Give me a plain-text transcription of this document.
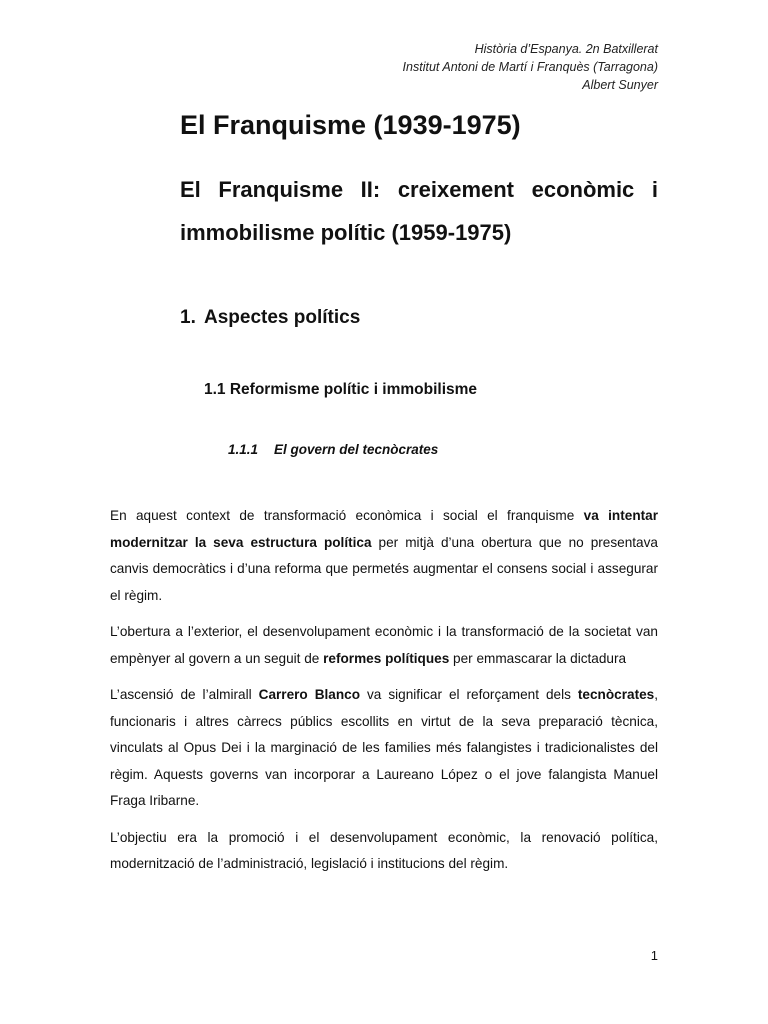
Història d’Espanya. 2n Batxillerat
Institut Antoni de Martí i Franquès (Tarragona)
Albert Sunyer
El Franquisme (1939-1975)
El Franquisme II: creixement econòmic i immobilisme polític (1959-1975)
1. Aspectes polítics
1.1 Reformisme polític i immobilisme
1.1.1 El govern del tecnòcrates

En aquest context de transformació econòmica i social el franquisme va intentar modernitzar la seva estructura política per mitjà d’una obertura que no presentava canvis democràtics i d’una reforma que permetés augmentar el consens social i assegurar el règim.

L’obertura a l’exterior, el desenvolupament econòmic i la transformació de la societat van empènyer al govern a un seguit de reformes polítiques per emmascarar la dictadura

L’ascensió de l’almirall Carrero Blanco va significar el reforçament dels tecnòcrates, funcionaris i altres càrrecs públics escollits en virtut de la seva preparació tècnica, vinculats al Opus Dei i la marginació de les families més falangistes i tradicionalistes del règim. Aquests governs van incorporar a Laureano López o el jove falangista Manuel Fraga Iribarne.

L’objectiu era la promoció i el desenvolupament econòmic, la renovació política, modernització de l’administració, legislació i institucions del règim.

1
